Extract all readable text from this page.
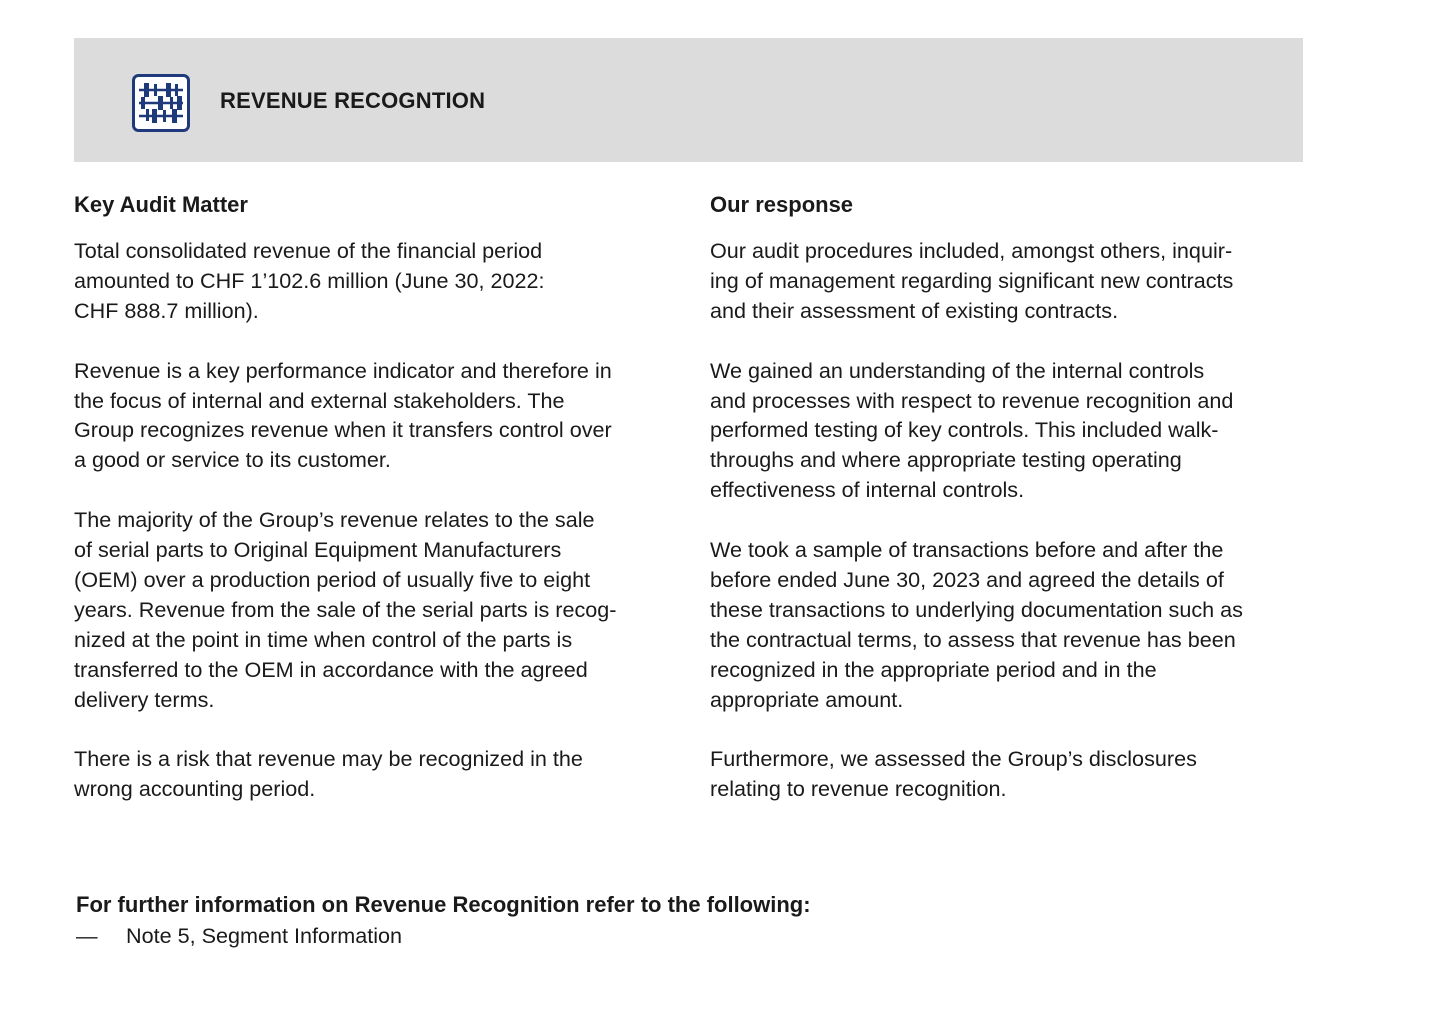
REVENUE RECOGNTION
Key Audit Matter
Total consolidated revenue of the financial period
amounted to CHF 1’102.6 million (June 30, 2022:
CHF 888.7 million).
Revenue is a key performance indicator and therefore in
the focus of internal and external stakeholders. The
Group recognizes revenue when it transfers control over
a good or service to its customer.
The majority of the Group’s revenue relates to the sale
of serial parts to Original Equipment Manufacturers
(OEM) over a production period of usually five to eight
years. Revenue from the sale of the serial parts is recog-
nized at the point in time when control of the parts is
transferred to the OEM in accordance with the agreed
delivery terms.
There is a risk that revenue may be recognized in the
wrong accounting period.
Our response
Our audit procedures included, amongst others, inquir-
ing of management regarding significant new contracts
and their assessment of existing contracts.
We gained an understanding of the internal controls
and processes with respect to revenue recognition and
performed testing of key controls. This included walk-
throughs and where appropriate testing operating
effectiveness of internal controls.
We took a sample of transactions before and after the
before ended June 30, 2023 and agreed the details of
these transactions to underlying documentation such as
the contractual terms, to assess that revenue has been
recognized in the appropriate period and in the
appropriate amount.
Furthermore, we assessed the Group’s disclosures
relating to revenue recognition.
For further information on Revenue Recognition refer to the following:
— Note 5, Segment Information
